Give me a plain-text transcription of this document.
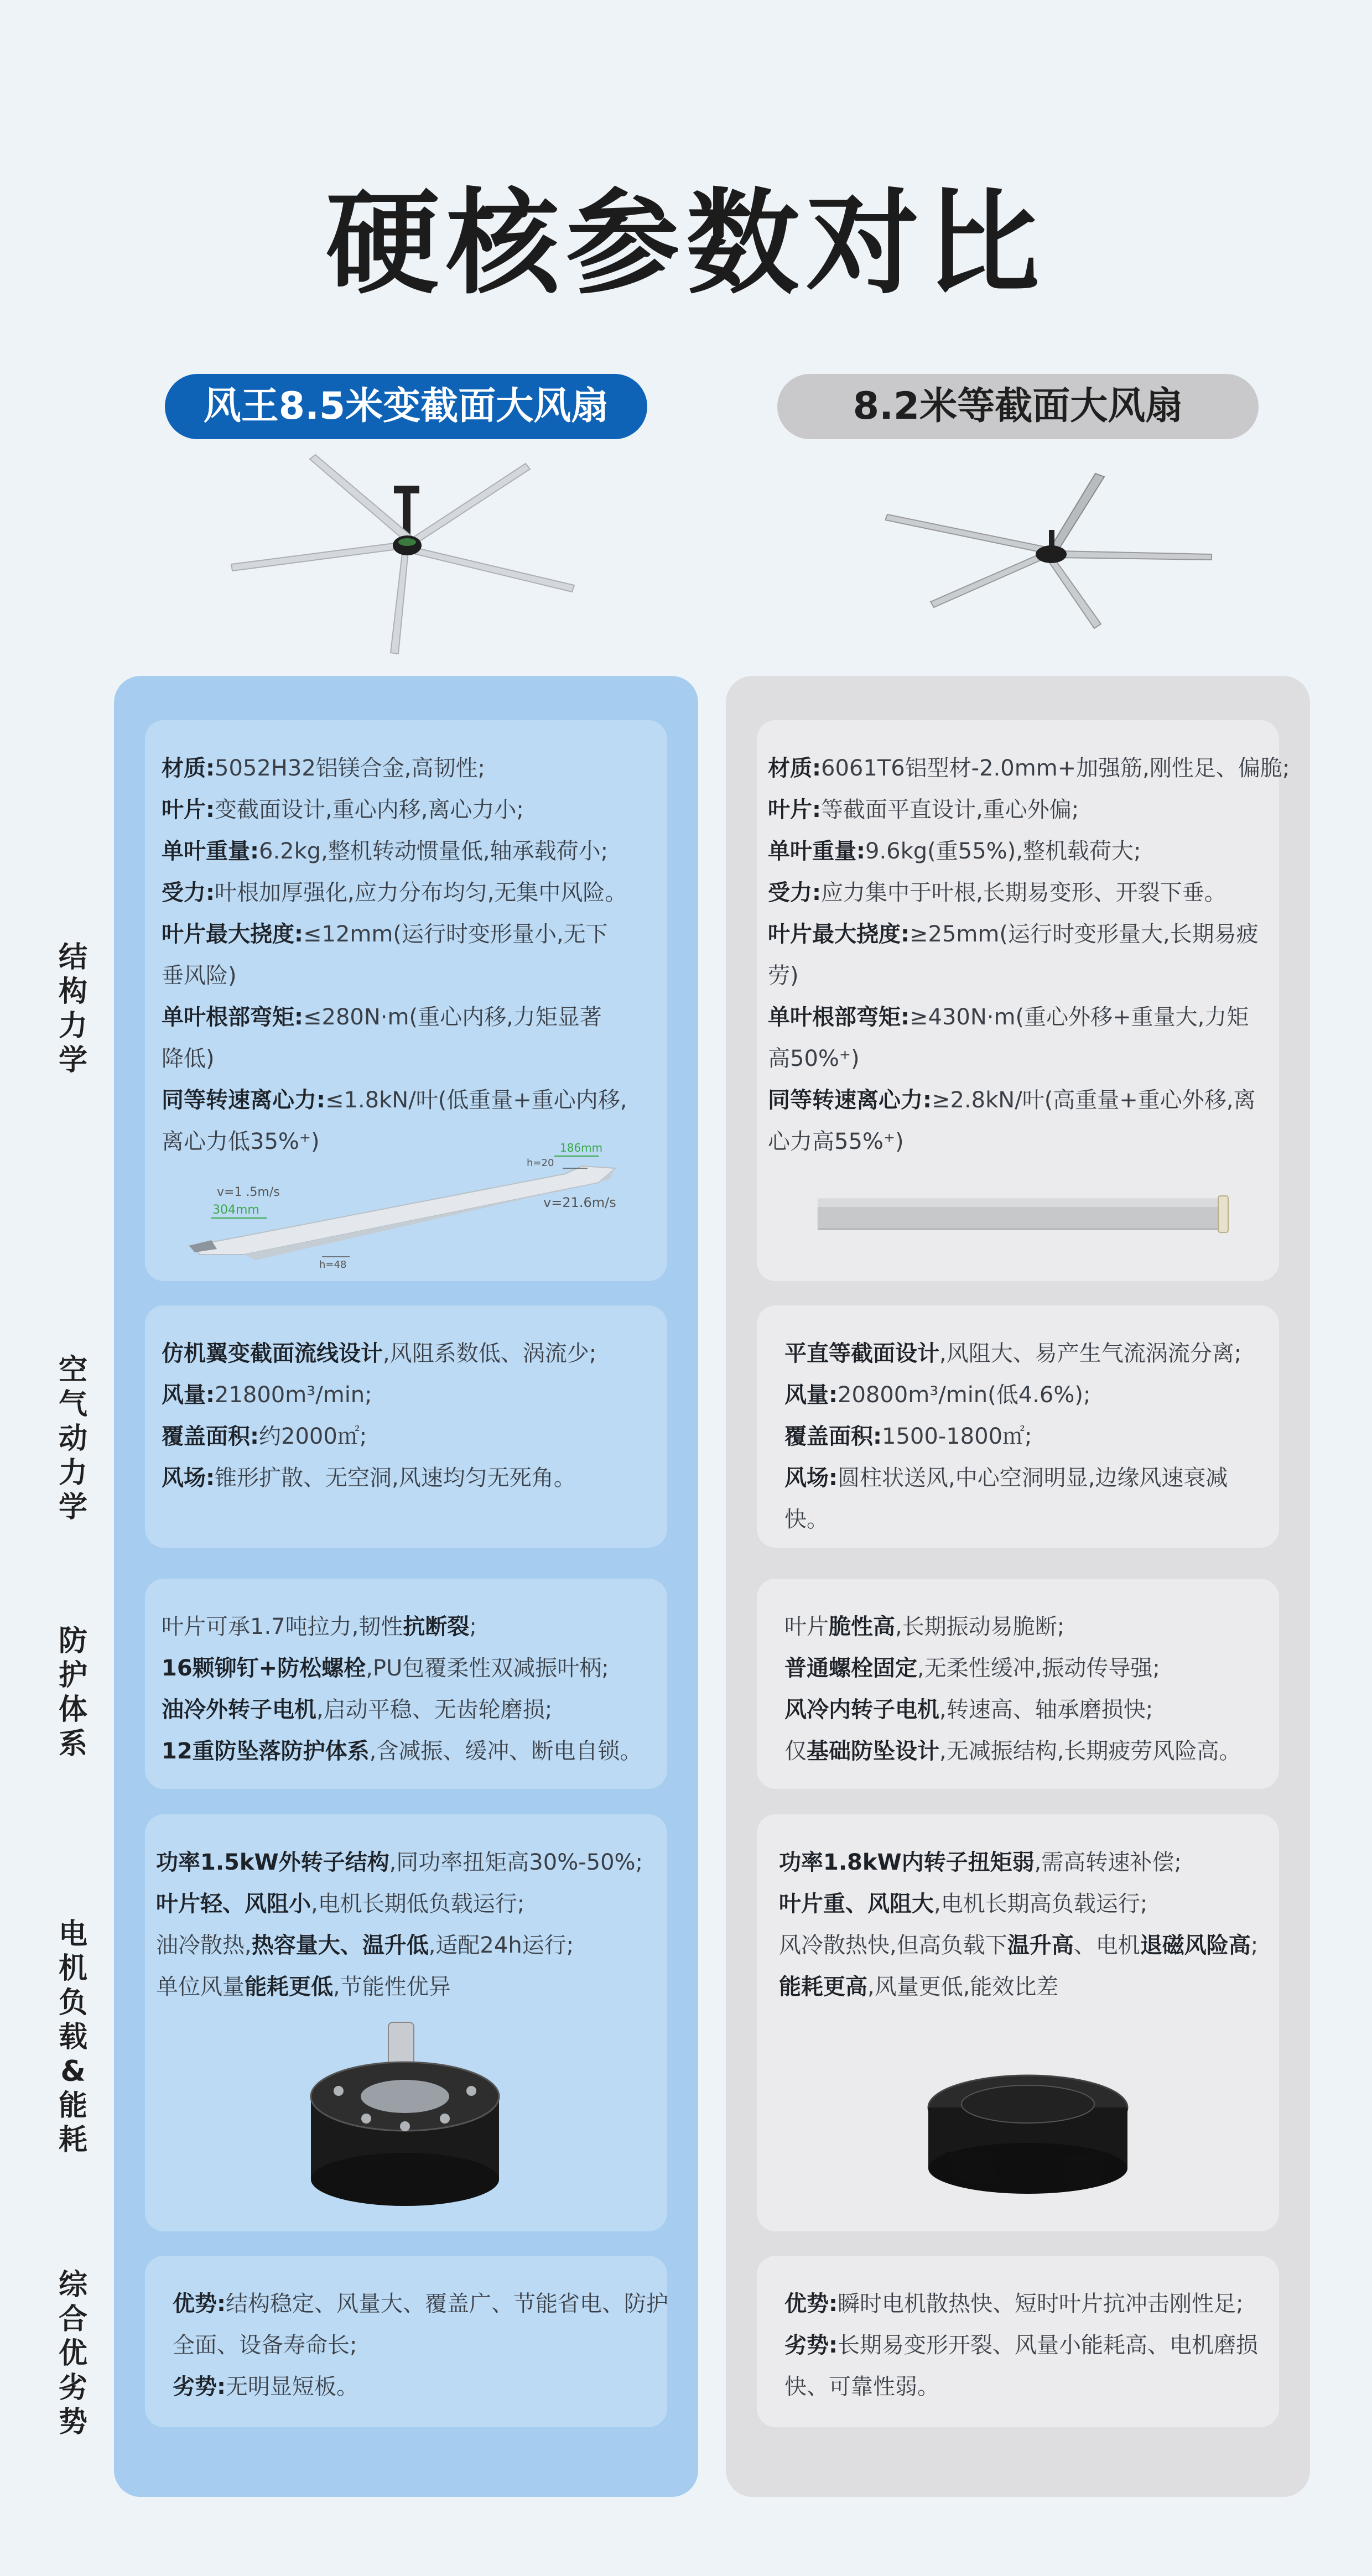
硬核参数对比
风王8.5米变截面大风扇	8.2米等截面大风扇
材质:5052H32铝镁合金,高韧性;
叶片:变截面设计,重心内移,离心力小;
单叶重量:6.2kg,整机转动惯量低,轴承载荷小;
受力:叶根加厚强化,应力分布均匀,无集中风险。
叶片最大挠度:≤12mm(运行时变形量小,无下
垂风险)
单叶根部弯矩:≤280N·m(重心内移,力矩显著
降低)
同等转速离心力:≤1.8kN/叶(低重量+重心内移,
离心力低35%⁺)
v=1 .5m/s
304mm
h=48
186mm
h=20
v=21.6m/s
仿机翼变截面流线设计,风阻系数低、涡流少;
风量:21800m³/min;
覆盖面积:约2000㎡;
风场:锥形扩散、无空洞,风速均匀无死角。
叶片可承1.7吨拉力,韧性抗断裂;
16颗铆钉+防松螺栓,PU包覆柔性双减振叶柄;
油冷外转子电机,启动平稳、无齿轮磨损;
12重防坠落防护体系,含减振、缓冲、断电自锁。
功率1.5kW外转子结构,同功率扭矩高30%-50%;
叶片轻、风阻小,电机长期低负载运行;
油冷散热,热容量大、温升低,适配24h运行;
单位风量能耗更低,节能性优异
优势:结构稳定、风量大、覆盖广、节能省电、防护
全面、设备寿命长;
劣势:无明显短板。
材质:6061T6铝型材-2.0mm+加强筋,刚性足、偏脆;
叶片:等截面平直设计,重心外偏;
单叶重量:9.6kg(重55%),整机载荷大;
受力:应力集中于叶根,长期易变形、开裂下垂。
叶片最大挠度:≥25mm(运行时变形量大,长期易疲
劳)
单叶根部弯矩:≥430N·m(重心外移+重量大,力矩
高50%⁺)
同等转速离心力:≥2.8kN/叶(高重量+重心外移,离
心力高55%⁺)
平直等截面设计,风阻大、易产生气流涡流分离;
风量:20800m³/min(低4.6%);
覆盖面积:1500-1800㎡;
风场:圆柱状送风,中心空洞明显,边缘风速衰减
快。
叶片脆性高,长期振动易脆断;
普通螺栓固定,无柔性缓冲,振动传导强;
风冷内转子电机,转速高、轴承磨损快;
仅基础防坠设计,无减振结构,长期疲劳风险高。
功率1.8kW内转子扭矩弱,需高转速补偿;
叶片重、风阻大,电机长期高负载运行;
风冷散热快,但高负载下温升高、电机退磁风险高;
能耗更高,风量更低,能效比差
优势:瞬时电机散热快、短时叶片抗冲击刚性足;
劣势:长期易变形开裂、风量小能耗高、电机磨损
快、可靠性弱。
结构力学
空气动力学
防护体系
电机负载&能耗
综合优劣势
